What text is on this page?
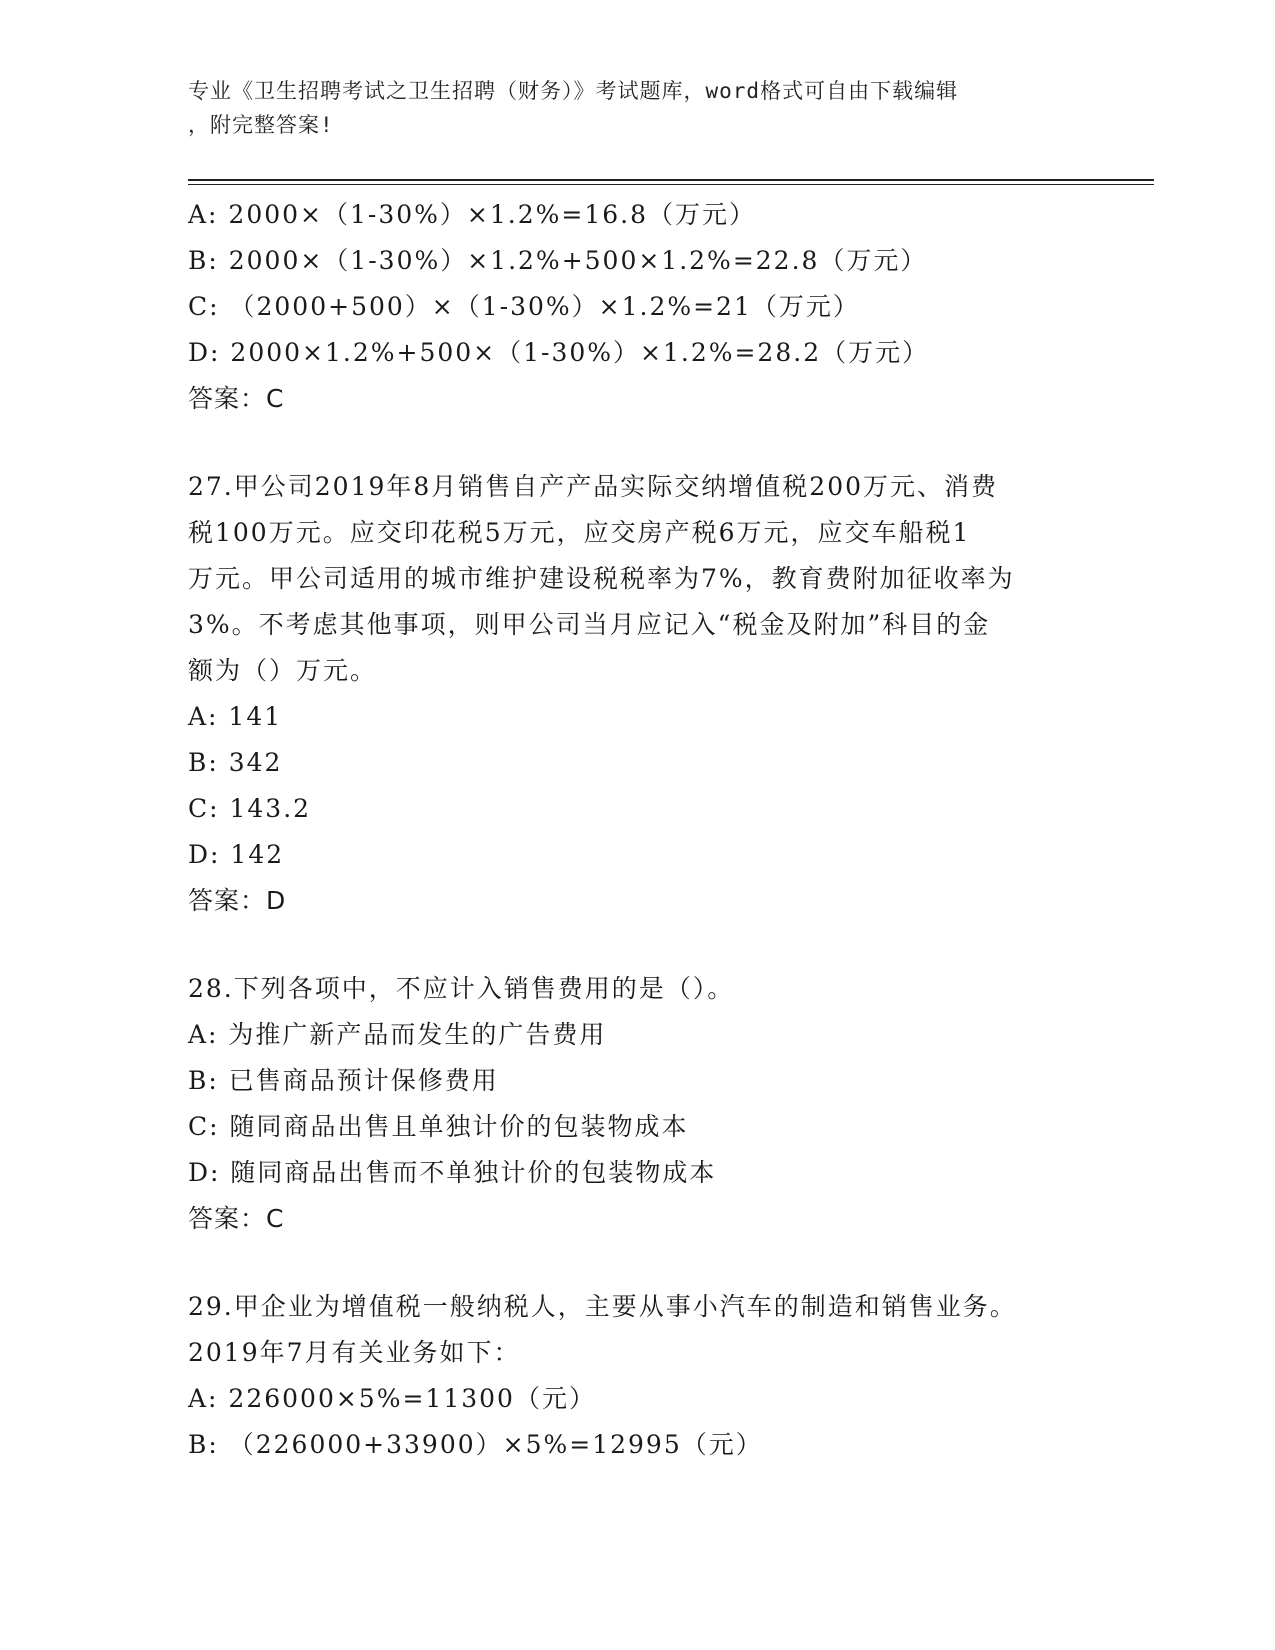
专业《卫生招聘考试之卫生招聘（财务）》考试题库，word格式可自由下载编辑
，附完整答案!
A: 2000×（1-30%）×1.2%=16.8（万元）
B: 2000×（1-30%）×1.2%+500×1.2%=22.8（万元）
C: （2000+500）×（1-30%）×1.2%=21（万元）
D: 2000×1.2%+500×（1-30%）×1.2%=28.2（万元）
答案：C
27.甲公司2019年8月销售自产产品实际交纳增值税200万元、消费
税100万元。应交印花税5万元，应交房产税6万元，应交车船税1
万元。甲公司适用的城市维护建设税税率为7%，教育费附加征收率为
3%。不考虑其他事项，则甲公司当月应记入“税金及附加”科目的金
额为（）万元。
A: 141
B: 342
C: 143.2
D: 142
答案：D
28.下列各项中，不应计入销售费用的是（）。
A: 为推广新产品而发生的广告费用
B: 已售商品预计保修费用
C: 随同商品出售且单独计价的包装物成本
D: 随同商品出售而不单独计价的包装物成本
答案：C
29.甲企业为增值税一般纳税人，主要从事小汽车的制造和销售业务。
2019年7月有关业务如下：
A: 226000×5%=11300（元）
B: （226000+33900）×5%=12995（元）
